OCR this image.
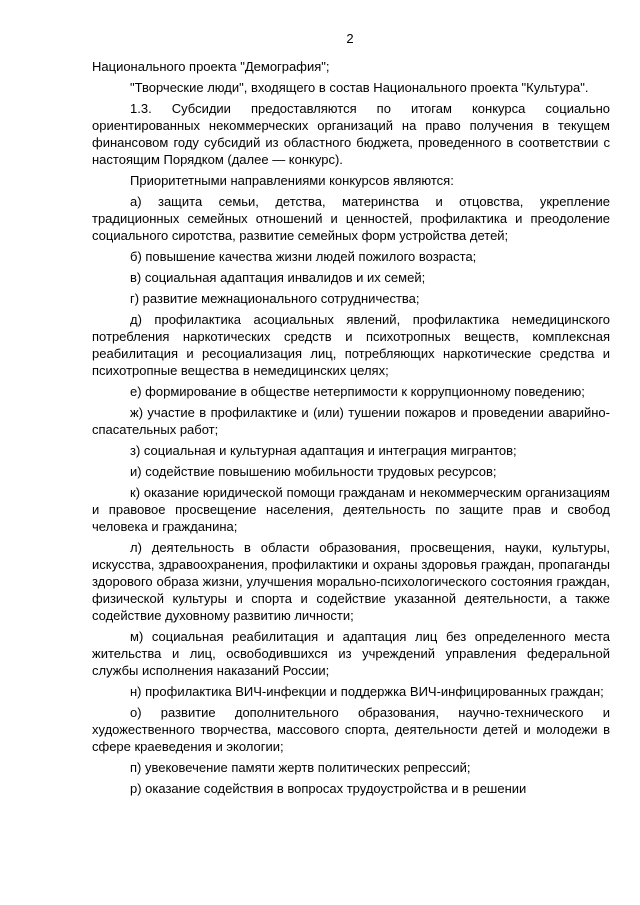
2

Национального проекта "Демография";

"Творческие люди", входящего в состав Национального проекта "Культура".

1.3. Субсидии предоставляются по итогам конкурса социально ориентированных некоммерческих организаций на право получения в текущем финансовом году субсидий из областного бюджета, проведенного в соответствии с настоящим Порядком (далее — конкурс).

Приоритетными направлениями конкурсов являются:

а) защита семьи, детства, материнства и отцовства, укрепление традиционных семейных отношений и ценностей, профилактика и преодоление социального сиротства, развитие семейных форм устройства детей;

б) повышение качества жизни людей пожилого возраста;

в) социальная адаптация инвалидов и их семей;

г) развитие межнационального сотрудничества;

д) профилактика асоциальных явлений, профилактика немедицинского потребления наркотических средств и психотропных веществ, комплексная реабилитация и ресоциализация лиц, потребляющих наркотические средства и психотропные вещества в немедицинских целях;

е) формирование в обществе нетерпимости к коррупционному поведению;

ж) участие в профилактике и (или) тушении пожаров и проведении аварийно-спасательных работ;

з) социальная и культурная адаптация и интеграция мигрантов;

и) содействие повышению мобильности трудовых ресурсов;

к) оказание юридической помощи гражданам и некоммерческим организациям и правовое просвещение населения, деятельность по защите прав и свобод человека и гражданина;

л) деятельность в области образования, просвещения, науки, культуры, искусства, здравоохранения, профилактики и охраны здоровья граждан, пропаганды здорового образа жизни, улучшения морально-психологического состояния граждан, физической культуры и спорта и содействие указанной деятельности, а также содействие духовному развитию личности;

м) социальная реабилитация и адаптация лиц без определенного места жительства и лиц, освободившихся из учреждений управления федеральной службы исполнения наказаний России;

н) профилактика ВИЧ-инфекции и поддержка ВИЧ-инфицированных граждан;

о) развитие дополнительного образования, научно-технического и художественного творчества, массового спорта, деятельности детей и молодежи в сфере краеведения и экологии;

п) увековечение памяти жертв политических репрессий;

р) оказание содействия в вопросах трудоустройства и в решении
